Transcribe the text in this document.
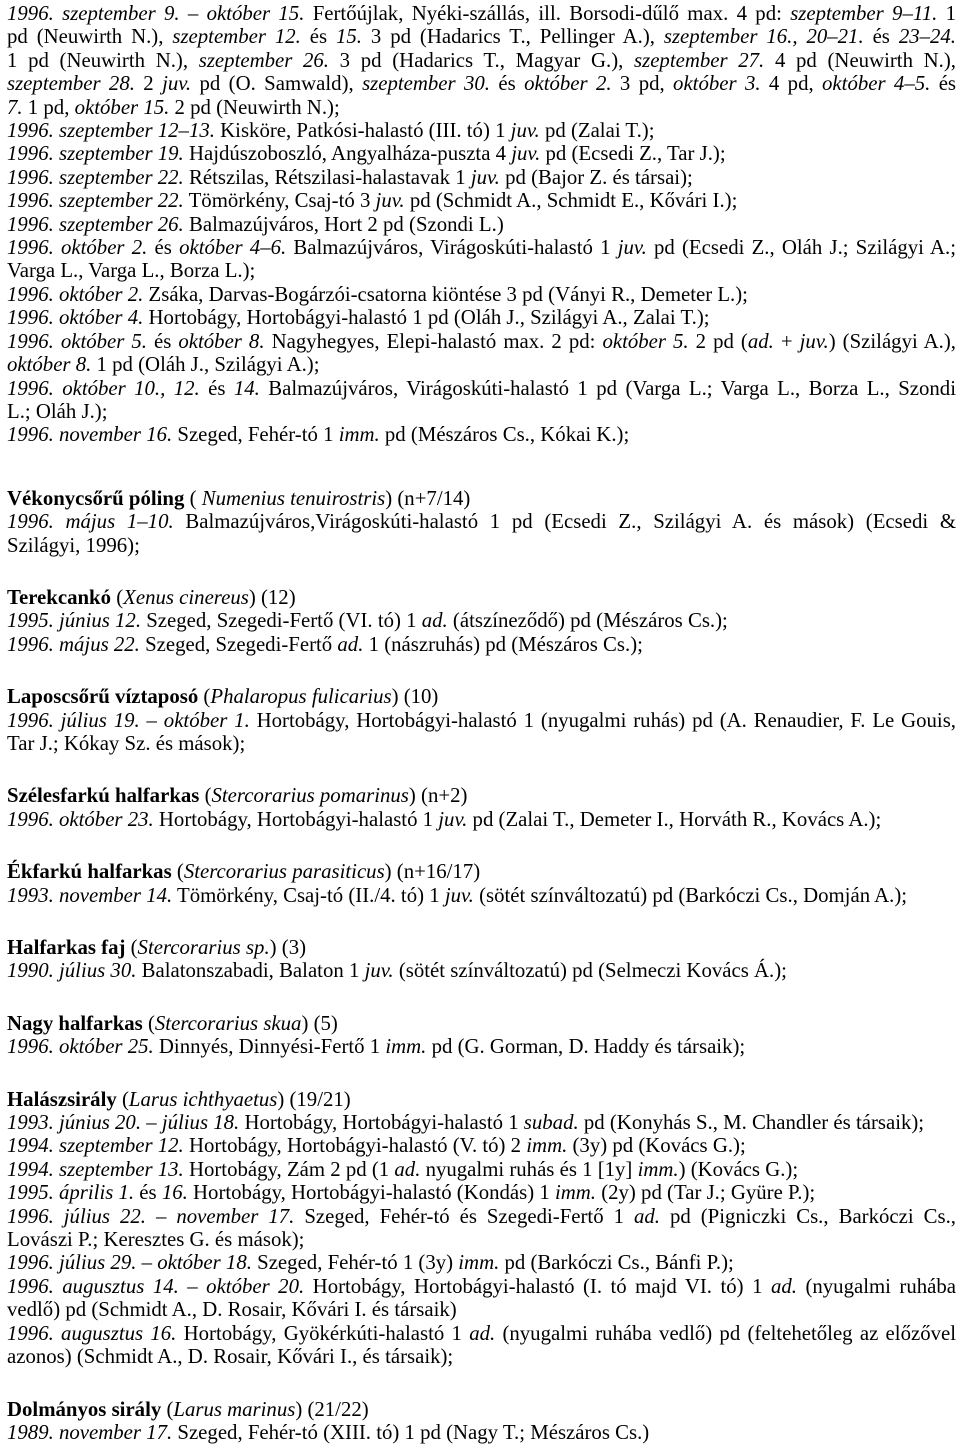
1996. szeptember 9. – október 15. Fertőújlak, Nyéki-szállás, ill. Borsodi-dűlő max. 4 pd: szeptember 9–11. 1
pd (Neuwirth N.), szeptember 12. és 15. 3 pd (Hadarics T., Pellinger A.), szeptember 16., 20–21. és 23–24.
1 pd (Neuwirth N.), szeptember 26. 3 pd (Hadarics T., Magyar G.), szeptember 27. 4 pd (Neuwirth N.),
szeptember 28. 2 juv. pd (O. Samwald), szeptember 30. és október 2. 3 pd, október 3. 4 pd, október 4–5. és
7. 1 pd, október 15. 2 pd (Neuwirth N.);
1996. szeptember 12–13. Kisköre, Patkósi-halastó (III. tó) 1 juv. pd (Zalai T.);
1996. szeptember 19. Hajdúszoboszló, Angyalháza-puszta 4 juv. pd (Ecsedi Z., Tar J.);
1996. szeptember 22. Rétszilas, Rétszilasi-halastavak 1 juv. pd (Bajor Z. és társai);
1996. szeptember 22. Tömörkény, Csaj-tó 3 juv. pd (Schmidt A., Schmidt E., Kővári I.);
1996. szeptember 26. Balmazújváros, Hort 2 pd (Szondi L.)
1996. október 2. és október 4–6. Balmazújváros, Virágoskúti-halastó 1 juv. pd (Ecsedi Z., Oláh J.; Szilágyi A.;
Varga L., Varga L., Borza L.);
1996. október 2. Zsáka, Darvas-Bogárzói-csatorna kiöntése 3 pd (Ványi R., Demeter L.);
1996. október 4. Hortobágy, Hortobágyi-halastó 1 pd (Oláh J., Szilágyi A., Zalai T.);
1996. október 5. és október 8. Nagyhegyes, Elepi-halastó max. 2 pd: október 5. 2 pd (ad. + juv.) (Szilágyi A.),
október 8. 1 pd (Oláh J., Szilágyi A.);
1996. október 10., 12. és 14. Balmazújváros, Virágoskúti-halastó 1 pd (Varga L.; Varga L., Borza L., Szondi
L.; Oláh J.);
1996. november 16. Szeged, Fehér-tó 1 imm. pd (Mészáros Cs., Kókai K.);
Vékonycsőrű póling ( Numenius tenuirostris) (n+7/14)
1996. május 1–10. Balmazújváros,Virágoskúti-halastó 1 pd (Ecsedi Z., Szilágyi A. és mások) (Ecsedi &
Szilágyi, 1996);
Terekcankó (Xenus cinereus) (12)
1995. június 12. Szeged, Szegedi-Fertő (VI. tó) 1 ad. (átszíneződő) pd (Mészáros Cs.);
1996. május 22. Szeged, Szegedi-Fertő ad. 1 (nászruhás) pd (Mészáros Cs.);
Laposcsőrű víztaposó (Phalaropus fulicarius) (10)
1996. július 19. – október 1. Hortobágy, Hortobágyi-halastó 1 (nyugalmi ruhás) pd (A. Renaudier, F. Le Gouis,
Tar J.; Kókay Sz. és mások);
Szélesfarkú halfarkas (Stercorarius pomarinus) (n+2)
1996. október 23. Hortobágy, Hortobágyi-halastó 1 juv. pd (Zalai T., Demeter I., Horváth R., Kovács A.);
Ékfarkú halfarkas (Stercorarius parasiticus) (n+16/17)
1993. november 14. Tömörkény, Csaj-tó (II./4. tó) 1 juv. (sötét színváltozatú) pd (Barkóczi Cs., Domján A.);
Halfarkas faj (Stercorarius sp.) (3)
1990. július 30. Balatonszabadi, Balaton 1 juv. (sötét színváltozatú) pd (Selmeczi Kovács Á.);
Nagy halfarkas (Stercorarius skua) (5)
1996. október 25. Dinnyés, Dinnyési-Fertő 1 imm. pd (G. Gorman, D. Haddy és társaik);
Halászsirály (Larus ichthyaetus) (19/21)
1993. június 20. – július 18. Hortobágy, Hortobágyi-halastó 1 subad. pd (Konyhás S., M. Chandler és társaik);
1994. szeptember 12. Hortobágy, Hortobágyi-halastó (V. tó) 2 imm. (3y) pd (Kovács G.);
1994. szeptember 13. Hortobágy, Zám 2 pd (1 ad. nyugalmi ruhás és 1 [1y] imm.) (Kovács G.);
1995. április 1. és 16. Hortobágy, Hortobágyi-halastó (Kondás) 1 imm. (2y) pd (Tar J.; Gyüre P.);
1996. július 22. – november 17. Szeged, Fehér-tó és Szegedi-Fertő 1 ad. pd (Pigniczki Cs., Barkóczi Cs.,
Lovászi P.; Keresztes G. és mások);
1996. július 29. – október 18. Szeged, Fehér-tó 1 (3y) imm. pd (Barkóczi Cs., Bánfi P.);
1996. augusztus 14. – október 20. Hortobágy, Hortobágyi-halastó (I. tó majd VI. tó) 1 ad. (nyugalmi ruhába
vedlő) pd (Schmidt A., D. Rosair, Kővári I. és társaik)
1996. augusztus 16. Hortobágy, Gyökérkúti-halastó 1 ad. (nyugalmi ruhába vedlő) pd (feltehetőleg az előzővel
azonos) (Schmidt A., D. Rosair, Kővári I., és társaik);
Dolmányos sirály (Larus marinus) (21/22)
1989. november 17. Szeged, Fehér-tó (XIII. tó) 1 pd (Nagy T.; Mészáros Cs.)
